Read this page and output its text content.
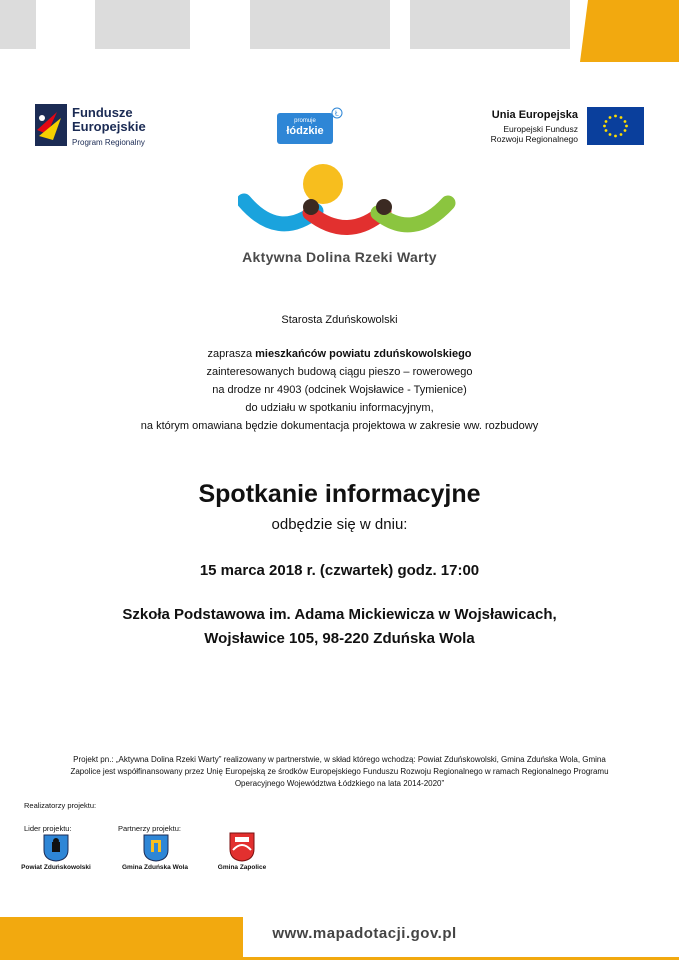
Fundusze
Europejskie
Program Regionalny
promuje
łódzkie
Ł	Unia Europejska
Europejski Fundusz
Rozwoju Regionalnego
Aktywna Dolina Rzeki Warty
Starosta Zduńskowolski
zaprasza mieszkańców powiatu zduńskowolskiego
zainteresowanych budową ciągu pieszo – rowerowego
na drodze nr 4903 (odcinek Wojsławice - Tymienice)
do udziału w spotkaniu informacyjnym,
na którym omawiana będzie dokumentacja projektowa w zakresie ww. rozbudowy
Spotkanie informacyjne
odbędzie się w dniu:
15 marca 2018 r. (czwartek) godz. 17:00
Szkoła Podstawowa im. Adama Mickiewicza w Wojsławicach,
Wojsławice 105, 98-220 Zduńska Wola
Projekt pn.: „Aktywna Dolina Rzeki Warty” realizowany w partnerstwie, w skład którego wchodzą: Powiat Zduńskowolski, Gmina Zduńska Wola, Gmina
Zapolice jest współfinansowany przez Unię Europejską ze środków Europejskiego Funduszu Rozwoju Regionalnego w ramach Regionalnego Programu
Operacyjnego Województwa Łódzkiego na lata 2014-2020”
Realizatorzy projektu:
Lider projektu:	Partnerzy projektu:
Powiat Zduńskowolski	Gmina Zduńska Wola	Gmina Zapolice
www.mapadotacji.gov.pl
